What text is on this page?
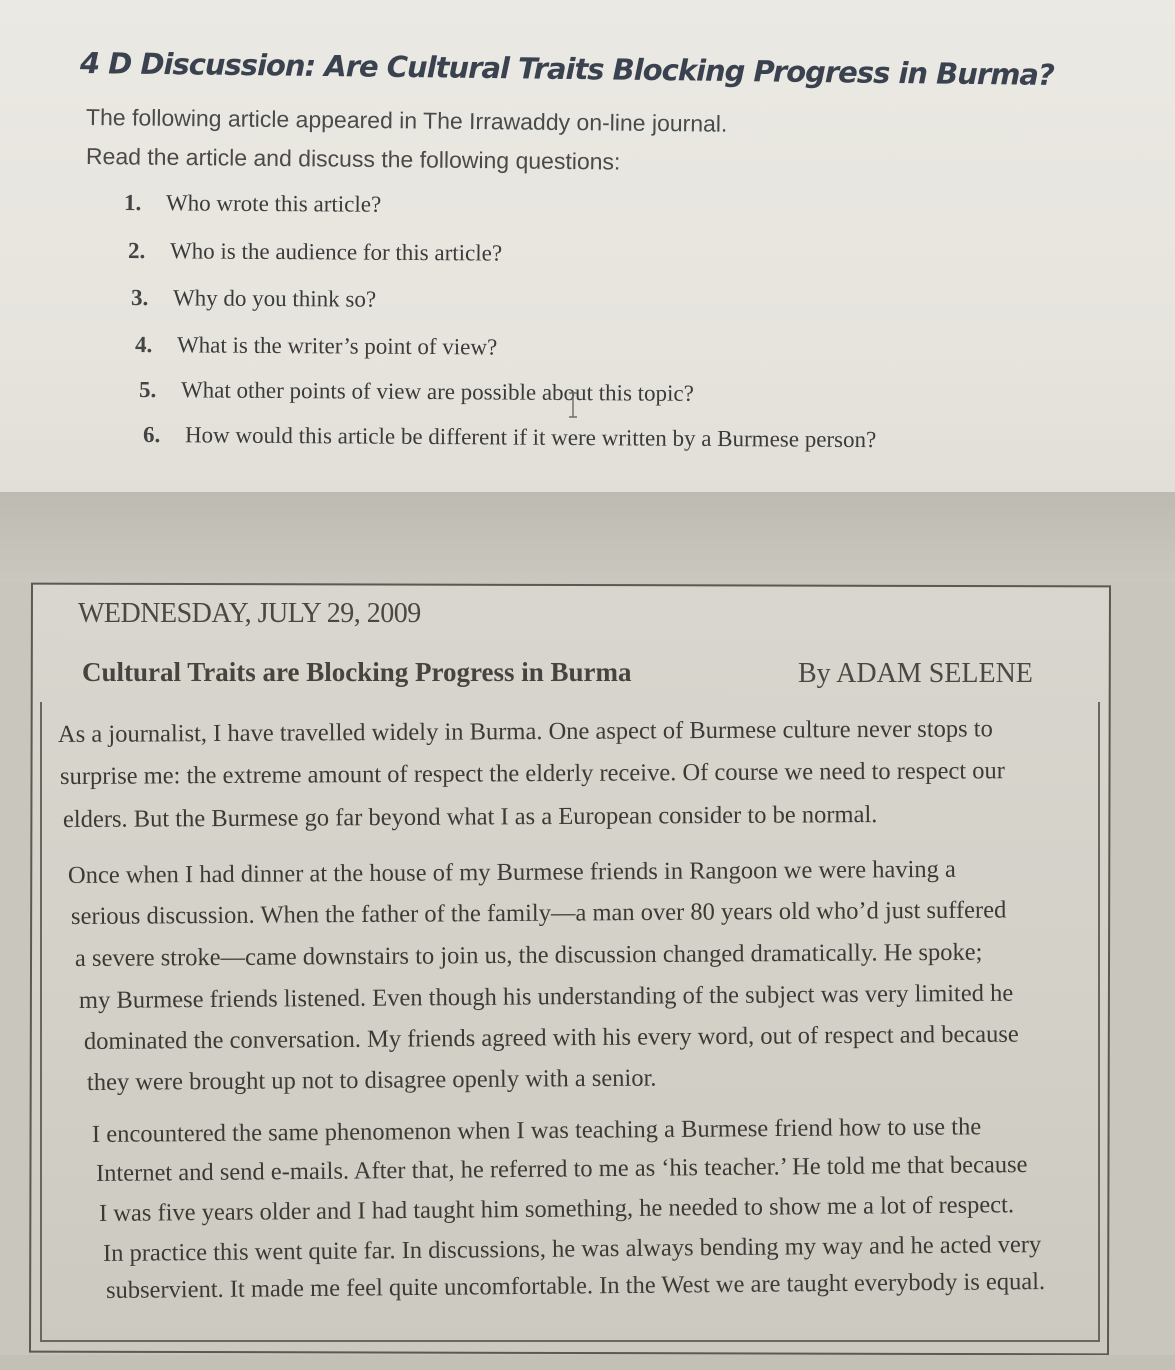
4 D Discussion: Are Cultural Traits Blocking Progress in Burma?

The following article appeared in The Irrawaddy on-line journal.

Read the article and discuss the following questions:

1. Who wrote this article?
2. Who is the audience for this article?
3. Why do you think so?
4. What is the writer’s point of view?
5. What other points of view are possible about this topic?
6. How would this article be different if it were written by a Burmese person?

WEDNESDAY, JULY 29, 2009

Cultural Traits are Blocking Progress in Burma	By ADAM SELENE

As a journalist, I have travelled widely in Burma. One aspect of Burmese culture never stops to

surprise me: the extreme amount of respect the elderly receive. Of course we need to respect our

elders. But the Burmese go far beyond what I as a European consider to be normal.

Once when I had dinner at the house of my Burmese friends in Rangoon we were having a

serious discussion. When the father of the family—a man over 80 years old who’d just suffered

a severe stroke—came downstairs to join us, the discussion changed dramatically. He spoke;

my Burmese friends listened. Even though his understanding of the subject was very limited he

dominated the conversation. My friends agreed with his every word, out of respect and because

they were brought up not to disagree openly with a senior.

I encountered the same phenomenon when I was teaching a Burmese friend how to use the

Internet and send e-mails. After that, he referred to me as ‘his teacher.’ He told me that because

I was five years older and I had taught him something, he needed to show me a lot of respect.

In practice this went quite far. In discussions, he was always bending my way and he acted very

subservient. It made me feel quite uncomfortable. In the West we are taught everybody is equal.
